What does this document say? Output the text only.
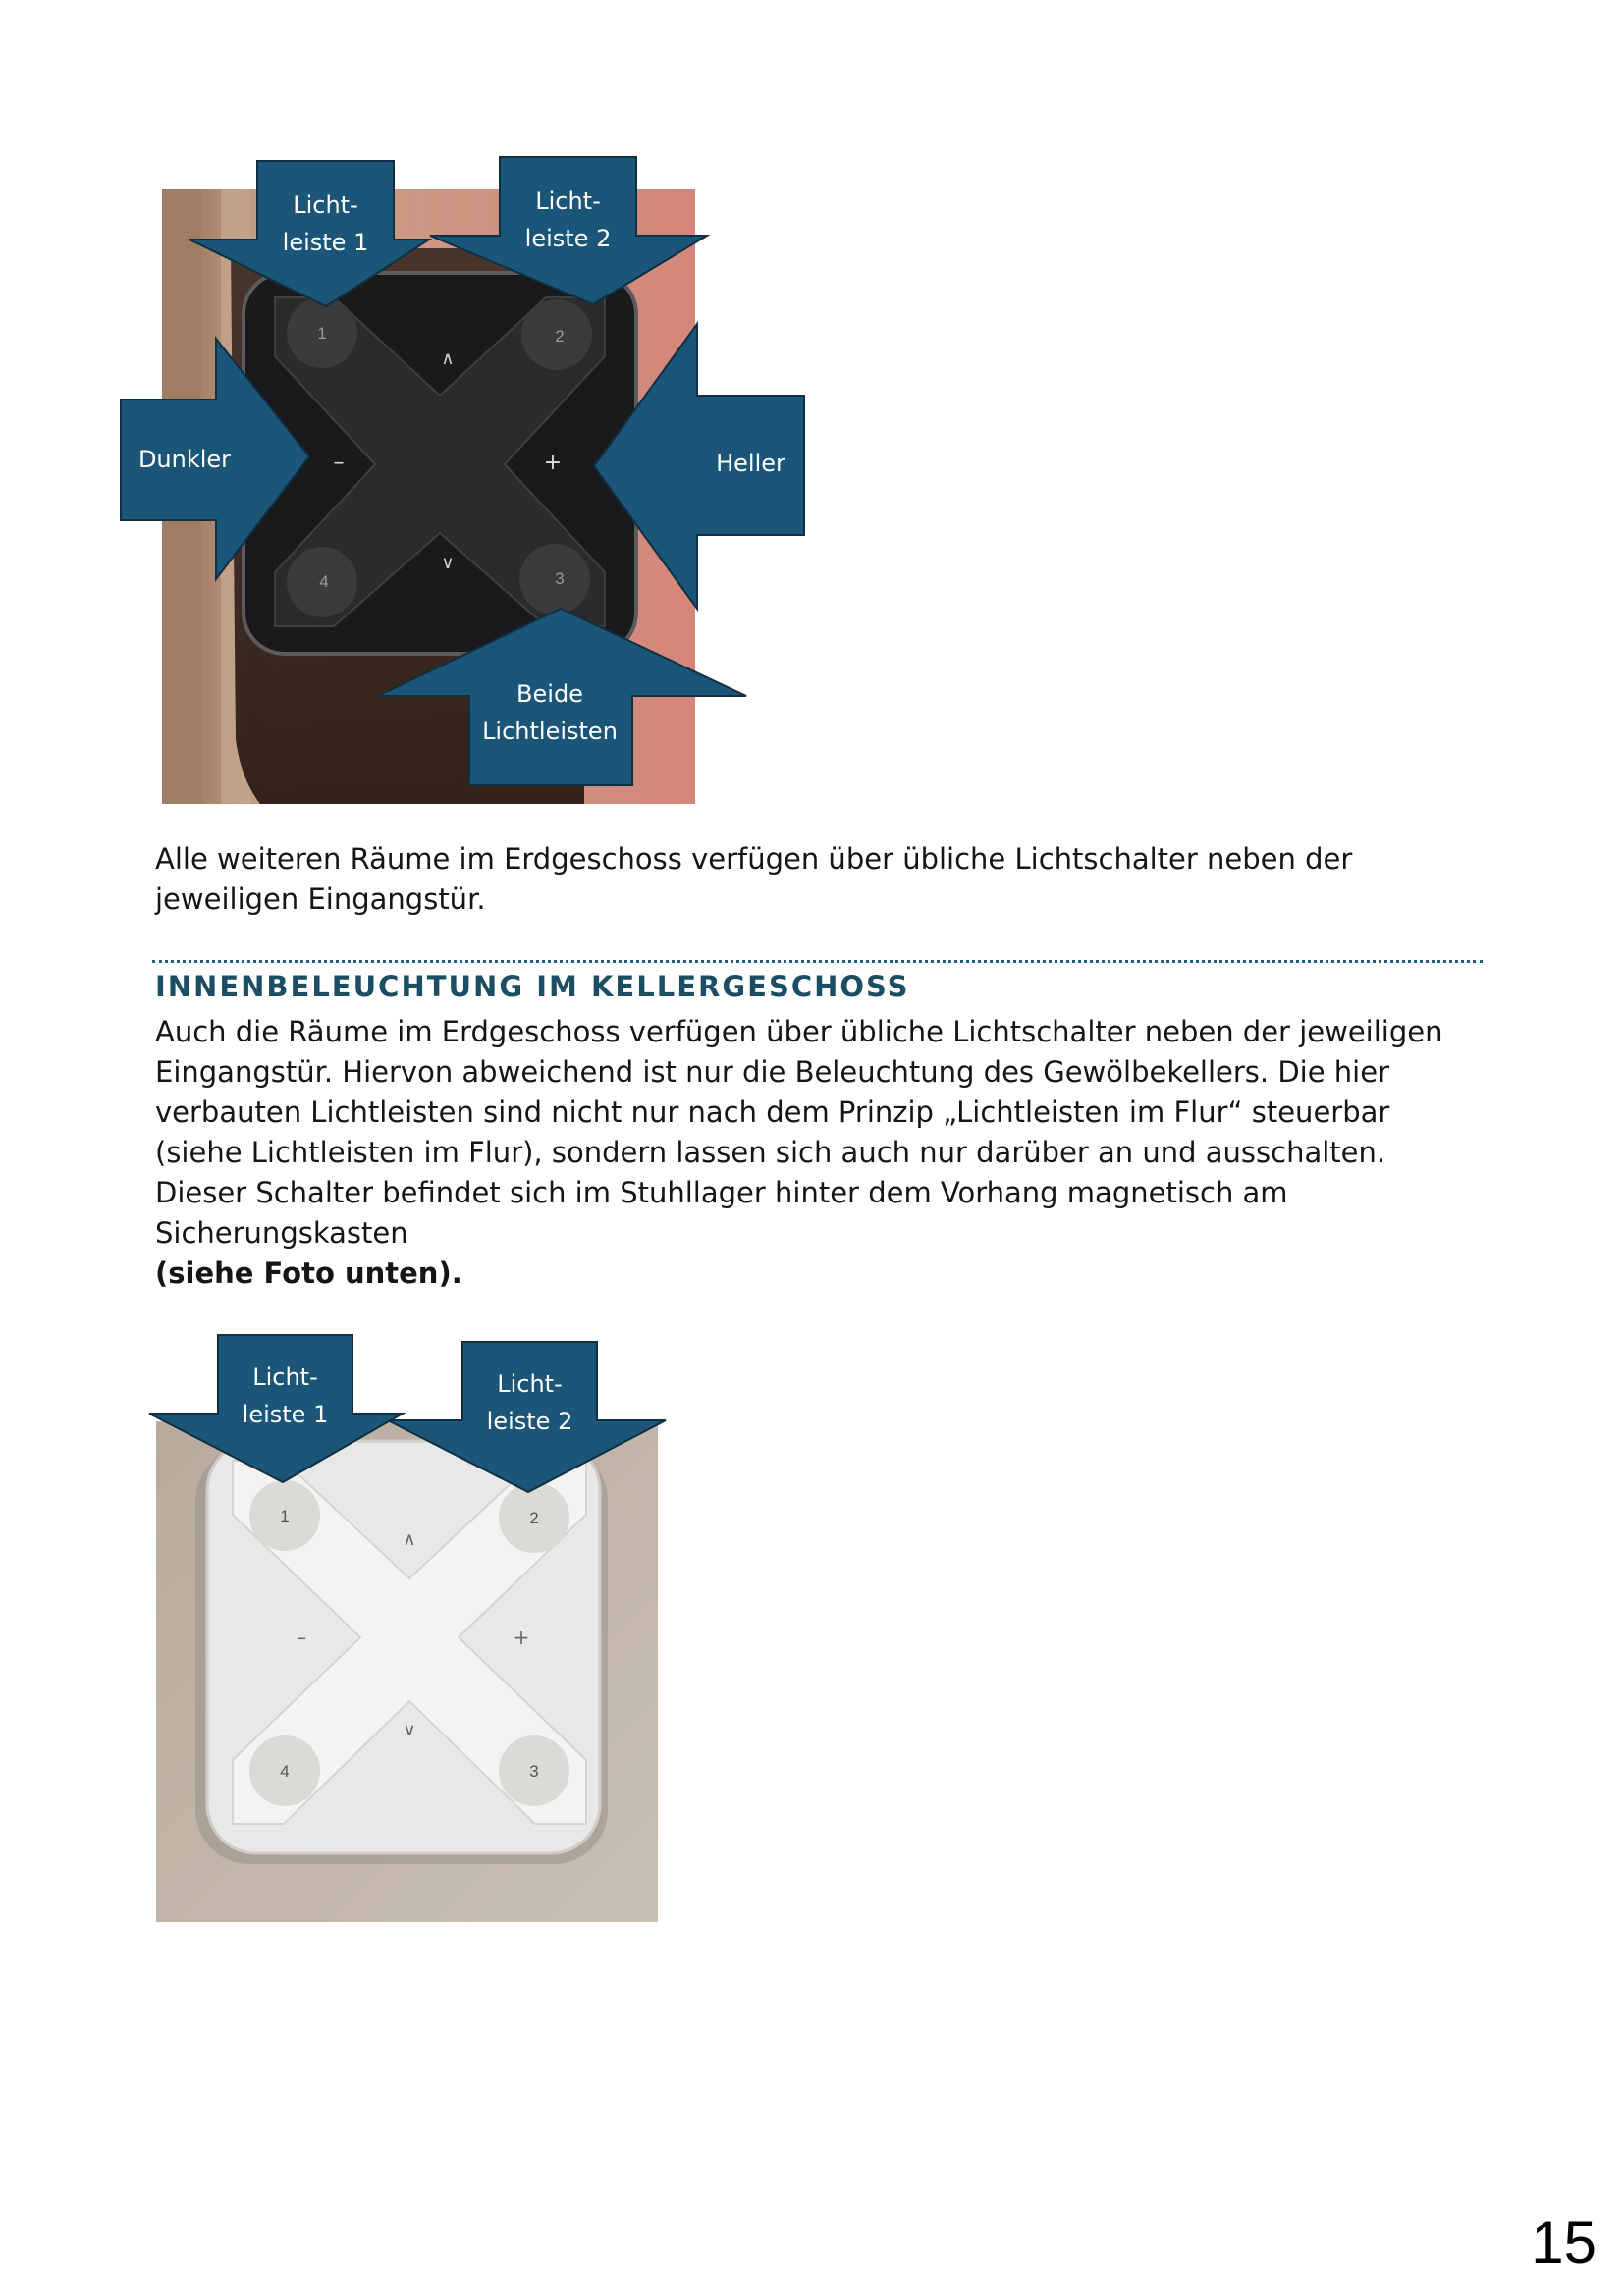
1	2
3
4
∧
∨
–	+
Licht-
leiste 1
Licht-
leiste 2
Dunkler	Heller
Beide
Lichtleisten

Alle weiteren Räume im Erdgeschoss verfügen über übliche Lichtschalter neben der jeweiligen Eingangstür.

INNENBELEUCHTUNG IM KELLERGESCHOSS

Auch die Räume im Erdgeschoss verfügen über übliche Lichtschalter neben der jeweiligen Eingangstür. Hiervon abweichend ist nur die Beleuchtung des Gewölbekellers. Die hier verbauten Lichtleisten sind nicht nur nach dem Prinzip „Lichtleisten im Flur“ steuerbar (siehe Lichtleisten im Flur), sondern lassen sich auch nur darüber an und ausschalten. Dieser Schalter befindet sich im Stuhllager hinter dem Vorhang magnetisch am Sicherungskasten
(siehe Foto unten).

1	2
3
4
∧
∨
–	+
Licht-
leiste 1
Licht-
leiste 2
15
